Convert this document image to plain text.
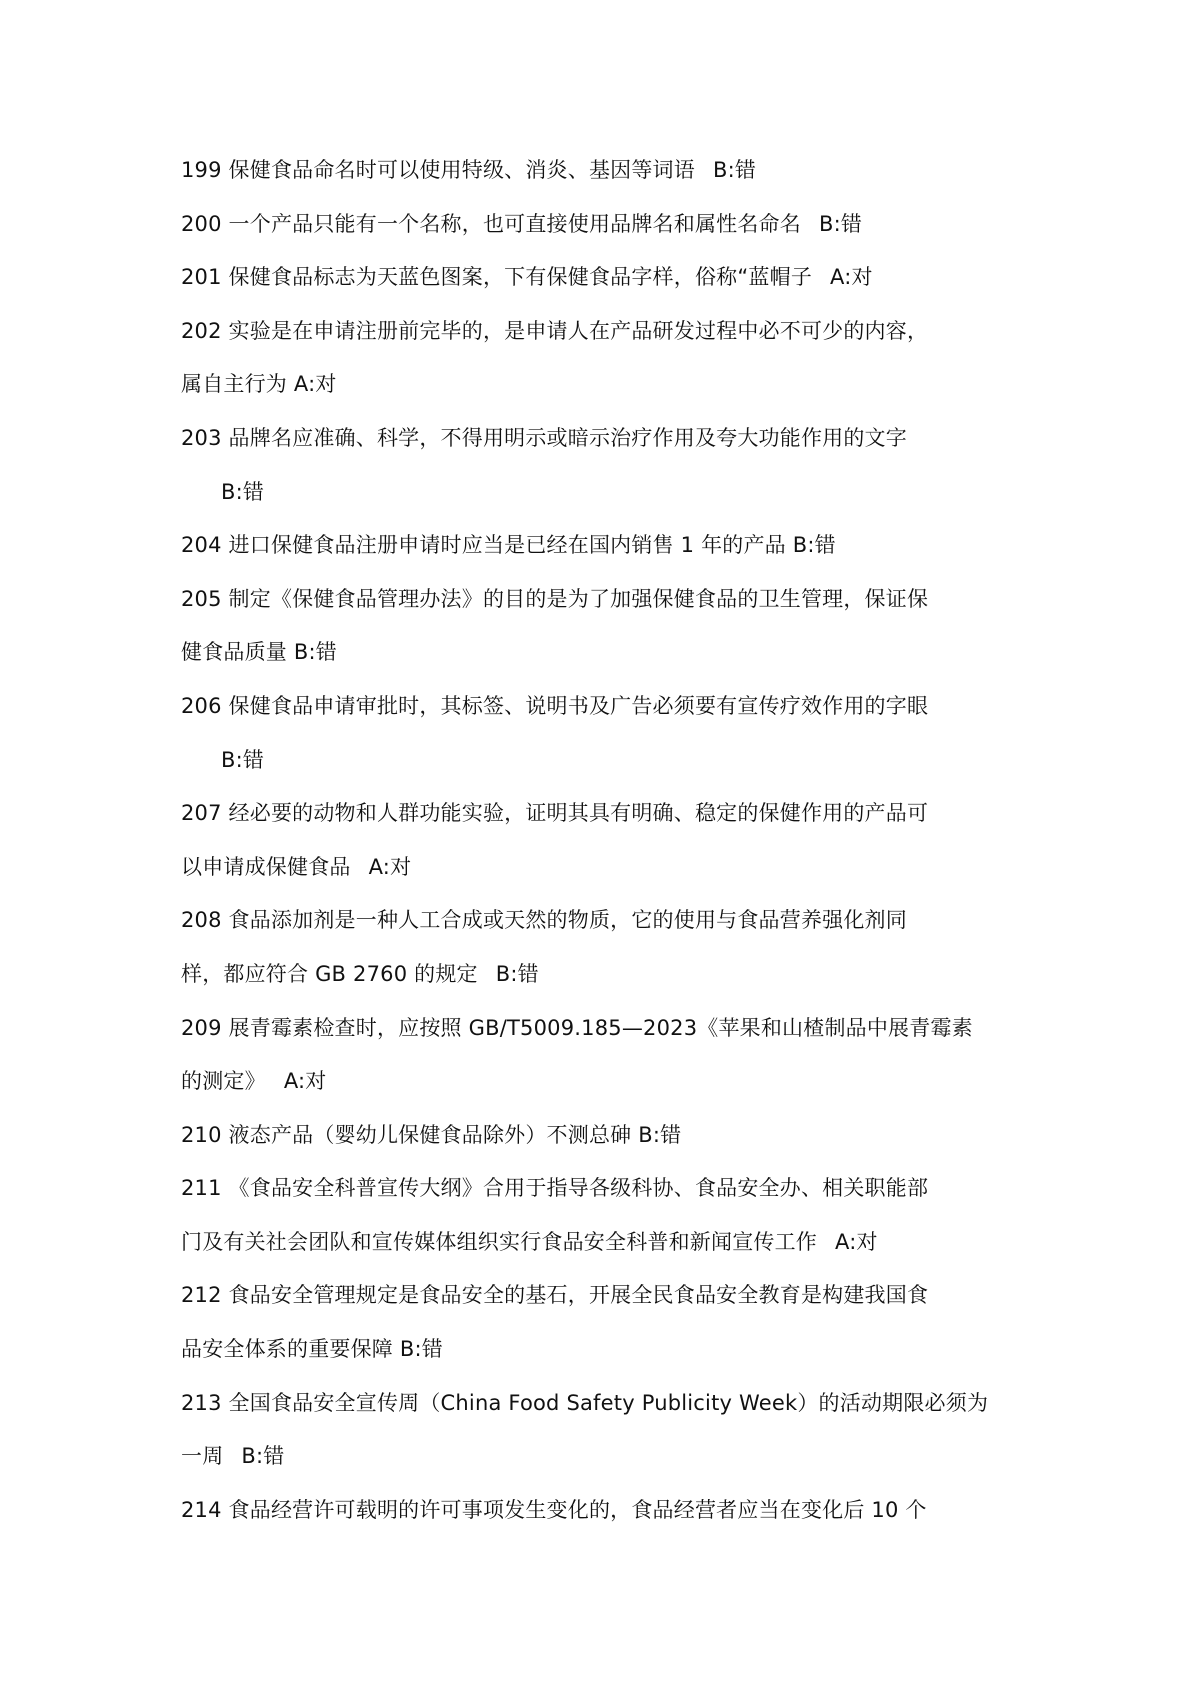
199 保健食品命名时可以使用特级、消炎、基因等词语 B:错
200 一个产品只能有一个名称，也可直接使用品牌名和属性名命名 B:错
201 保健食品标志为天蓝色图案，下有保健食品字样，俗称“蓝帽子 A:对
202 实验是在申请注册前完毕的，是申请人在产品研发过程中必不可少的内容，
属自主行为 A:对
203 品牌名应准确、科学，不得用明示或暗示治疗作用及夸大功能作用的文字
B:错
204 进口保健食品注册申请时应当是已经在国内销售 1 年的产品 B:错
205 制定《保健食品管理办法》的目的是为了加强保健食品的卫生管理，保证保
健食品质量 B:错
206 保健食品申请审批时，其标签、说明书及广告必须要有宣传疗效作用的字眼
B:错
207 经必要的动物和人群功能实验，证明其具有明确、稳定的保健作用的产品可
以申请成保健食品 A:对
208 食品添加剂是一种人工合成或天然的物质，它的使用与食品营养强化剂同
样，都应符合 GB 2760 的规定 B:错
209 展青霉素检查时，应按照 GB/T5009.185—2023《苹果和山楂制品中展青霉素
的测定》 A:对
210 液态产品（婴幼儿保健食品除外）不测总砷 B:错
211 《食品安全科普宣传大纲》合用于指导各级科协、食品安全办、相关职能部
门及有关社会团队和宣传媒体组织实行食品安全科普和新闻宣传工作 A:对
212 食品安全管理规定是食品安全的基石，开展全民食品安全教育是构建我国食
品安全体系的重要保障 B:错
213 全国食品安全宣传周（China Food Safety Publicity Week）的活动期限必须为
一周 B:错
214 食品经营许可载明的许可事项发生变化的，食品经营者应当在变化后 10 个
